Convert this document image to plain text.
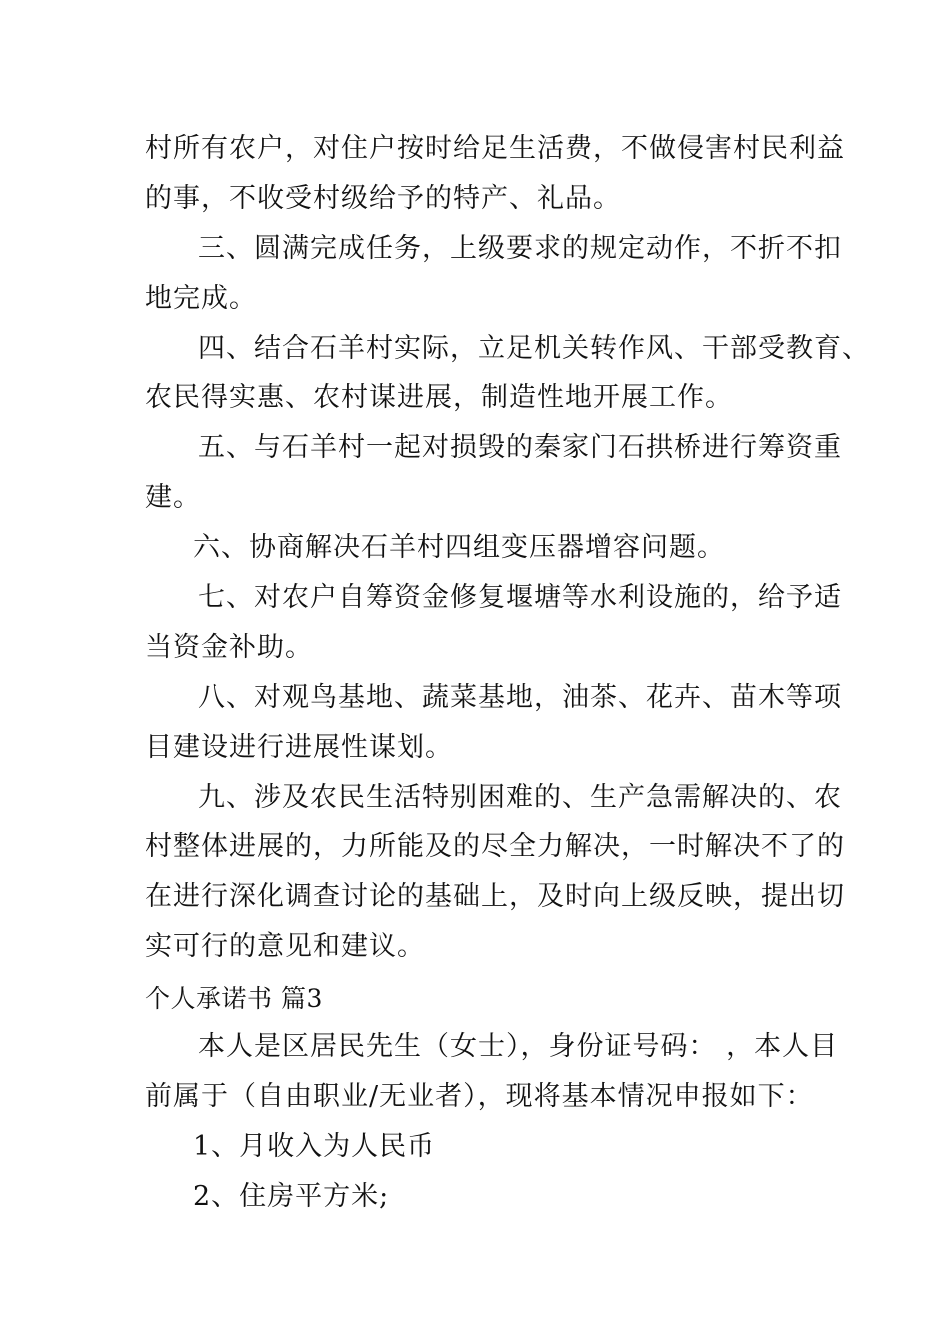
村所有农户，对住户按时给足生活费，不做侵害村民利益
的事，不收受村级给予的特产、礼品。
三、圆满完成任务，上级要求的规定动作，不折不扣
地完成。
四、结合石羊村实际，立足机关转作风、干部受教育、
农民得实惠、农村谋进展，制造性地开展工作。
五、与石羊村一起对损毁的秦家门石拱桥进行筹资重
建。
六、协商解决石羊村四组变压器增容问题。
七、对农户自筹资金修复堰塘等水利设施的，给予适
当资金补助。
八、对观鸟基地、蔬菜基地，油茶、花卉、苗木等项
目建设进行进展性谋划。
九、涉及农民生活特别困难的、生产急需解决的、农
村整体进展的，力所能及的尽全力解决，一时解决不了的
在进行深化调查讨论的基础上，及时向上级反映，提出切
实可行的意见和建议。
个人承诺书 篇3
本人是区居民先生（女士），身份证号码： ，本人目
前属于（自由职业/无业者），现将基本情况申报如下：
1、月收入为人民币
2、住房平方米;
